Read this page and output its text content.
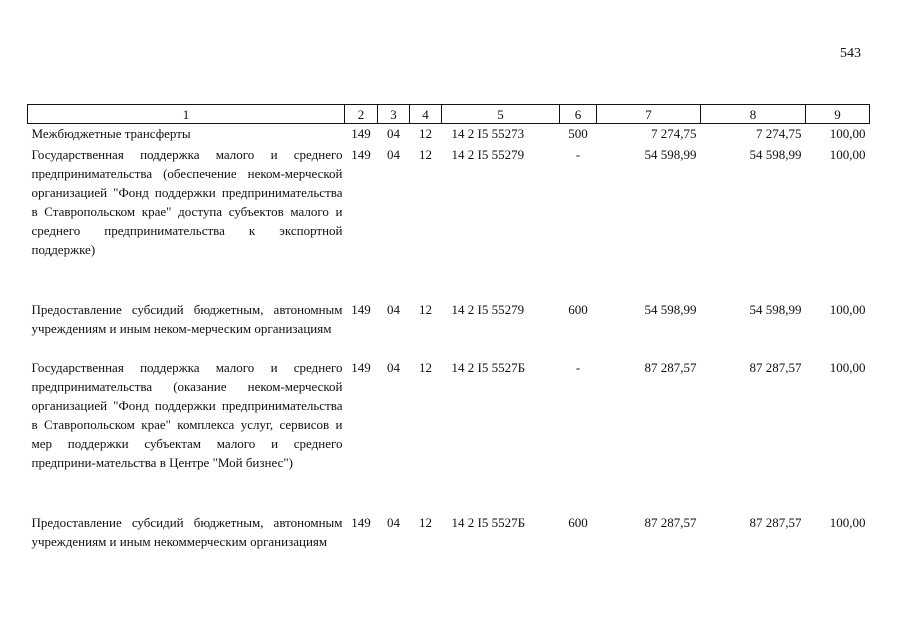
543
1	2	3	4	5	6	7	8	9
Межбюджетные трансферты	149	04	12	14 2 I5 55273	500	7 274,75	7 274,75	100,00
Государственная поддержка малого и среднего предпринимательства (обеспечение неком-мерческой организацией "Фонд поддержки предпринимательства в Ставропольском крае" доступа субъектов малого и среднего предпринимательства к экспортной поддержке)	149	04	12	14 2 I5 55279	-	54 598,99	54 598,99	100,00
Предоставление субсидий бюджетным, автономным учреждениям и иным неком-мерческим организациям	149	04	12	14 2 I5 55279	600	54 598,99	54 598,99	100,00
Государственная поддержка малого и среднего предпринимательства (оказание неком-мерческой организацией "Фонд поддержки предпринимательства в Ставропольском крае" комплекса услуг, сервисов и мер поддержки субъектам малого и среднего предприни-мательства в Центре "Мой бизнес")	149	04	12	14 2 I5 5527Б	-	87 287,57	87 287,57	100,00
Предоставление субсидий бюджетным, автономным учреждениям и иным некоммерческим организациям	149	04	12	14 2 I5 5527Б	600	87 287,57	87 287,57	100,00
